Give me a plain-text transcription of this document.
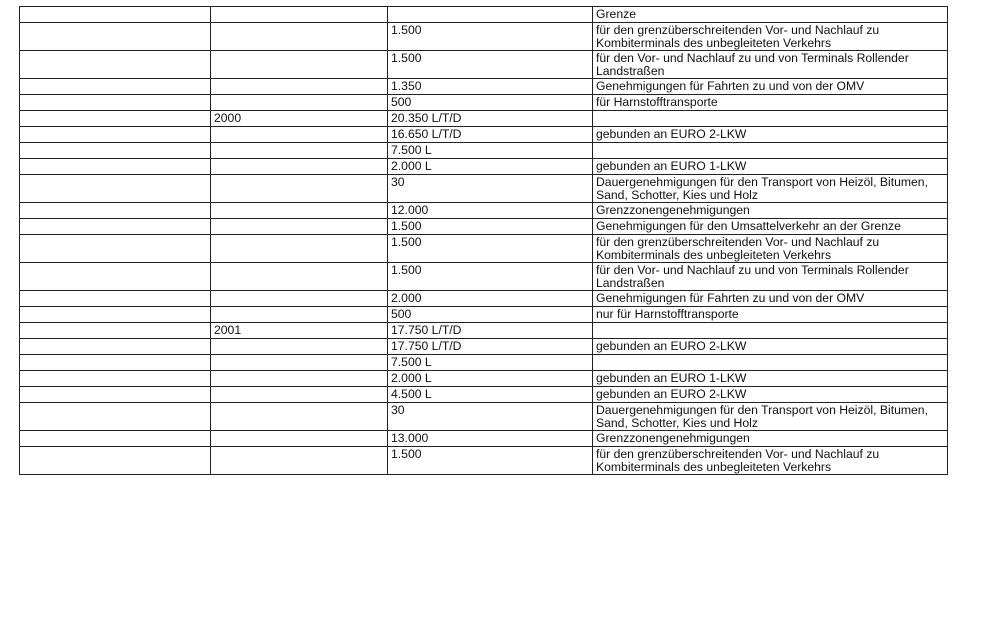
			Grenze
		1.500	für den grenzüberschreitenden Vor- und Nachlauf zu Kombiterminals des unbegleiteten Verkehrs
		1.500	für den Vor- und Nachlauf zu und von Terminals Rollender Landstraßen
		1.350	Genehmigungen für Fahrten zu und von der OMV
		500	für Harnstofftransporte
	2000	20.350 L/T/D	
		16.650 L/T/D	gebunden an EURO 2-LKW
		7.500 L	
		2.000 L	gebunden an EURO 1-LKW
		30	Dauergenehmigungen für den Transport von Heizöl, Bitumen, Sand, Schotter, Kies und Holz
		12.000	Grenzzonengenehmigungen
		1.500	Genehmigungen für den Umsattelverkehr an der Grenze
		1.500	für den grenzüberschreitenden Vor- und Nachlauf zu Kombiterminals des unbegleiteten Verkehrs
		1.500	für den Vor- und Nachlauf zu und von Terminals Rollender Landstraßen
		2.000	Genehmigungen für Fahrten zu und von der OMV
		500	nur für Harnstofftransporte
	2001	17.750 L/T/D	
		17.750 L/T/D	gebunden an EURO 2-LKW
		7.500 L	
		2.000 L	gebunden an EURO 1-LKW
		4.500 L	gebunden an EURO 2-LKW
		30	Dauergenehmigungen für den Transport von Heizöl, Bitumen, Sand, Schotter, Kies und Holz
		13.000	Grenzzonengenehmigungen
		1.500	für den grenzüberschreitenden Vor- und Nachlauf zu Kombiterminals des unbegleiteten Verkehrs
